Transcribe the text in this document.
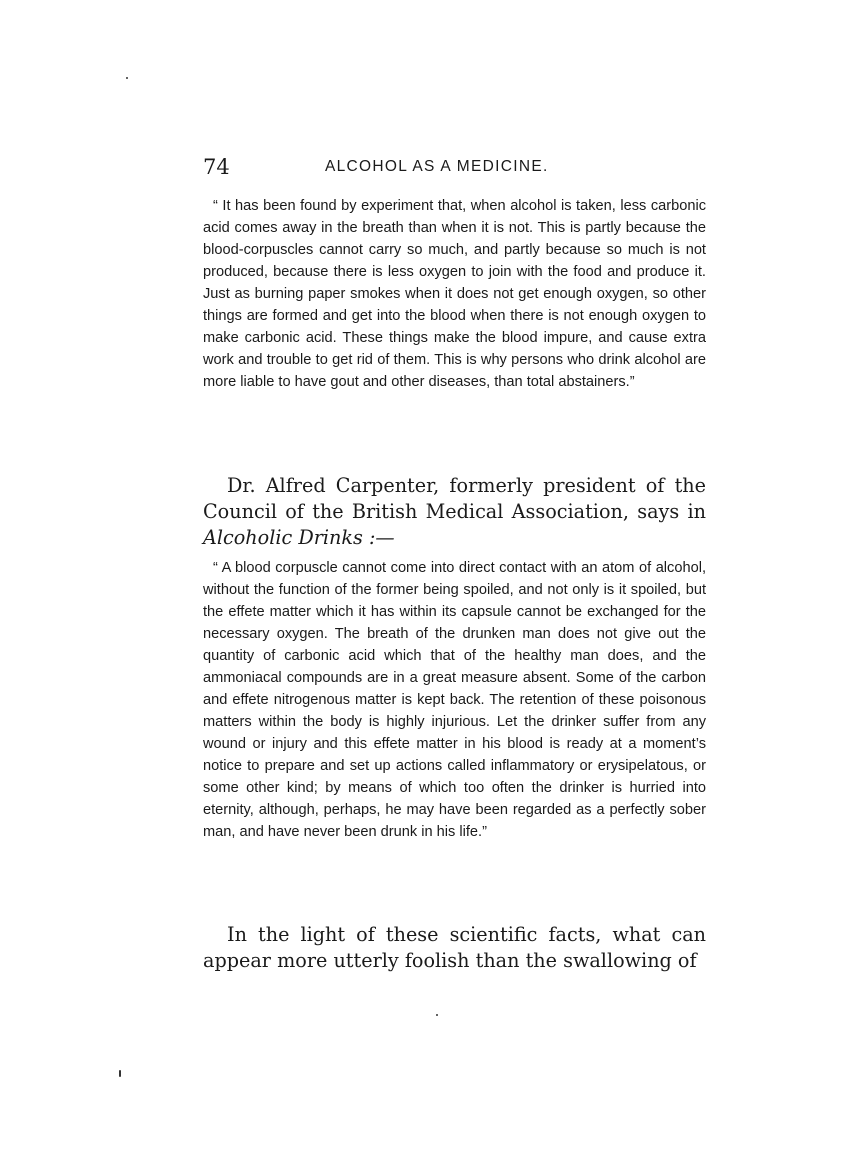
74	ALCOHOL AS A MEDICINE.

“ It has been found by experiment that, when alcohol is taken, less carbonic acid comes away in the breath than when it is not. This is partly because the blood-corpuscles cannot carry so much, and partly because so much is not produced, because there is less oxygen to join with the food and produce it. Just as burning paper smokes when it does not get enough oxygen, so other things are formed and get into the blood when there is not enough oxygen to make carbonic acid. These things make the blood impure, and cause extra work and trouble to get rid of them. This is why persons who drink alcohol are more liable to have gout and other diseases, than total abstainers.”

Dr. Alfred Carpenter, formerly president of the Council of the British Medical Association, says in Alcoholic Drinks :—

“ A blood corpuscle cannot come into direct contact with an atom of alcohol, without the function of the former being spoiled, and not only is it spoiled, but the effete matter which it has within its capsule cannot be exchanged for the necessary oxygen. The breath of the drunken man does not give out the quantity of carbonic acid which that of the healthy man does, and the ammoniacal compounds are in a great measure absent. Some of the carbon and effete nitrogenous matter is kept back. The retention of these poisonous matters within the body is highly injurious. Let the drinker suffer from any wound or injury and this effete matter in his blood is ready at a moment’s notice to prepare and set up actions called inflammatory or erysipelatous, or some other kind; by means of which too often the drinker is hurried into eternity, although, perhaps, he may have been regarded as a perfectly sober man, and have never been drunk in his life.”

In the light of these scientific facts, what can appear more utterly foolish than the swallowing of
